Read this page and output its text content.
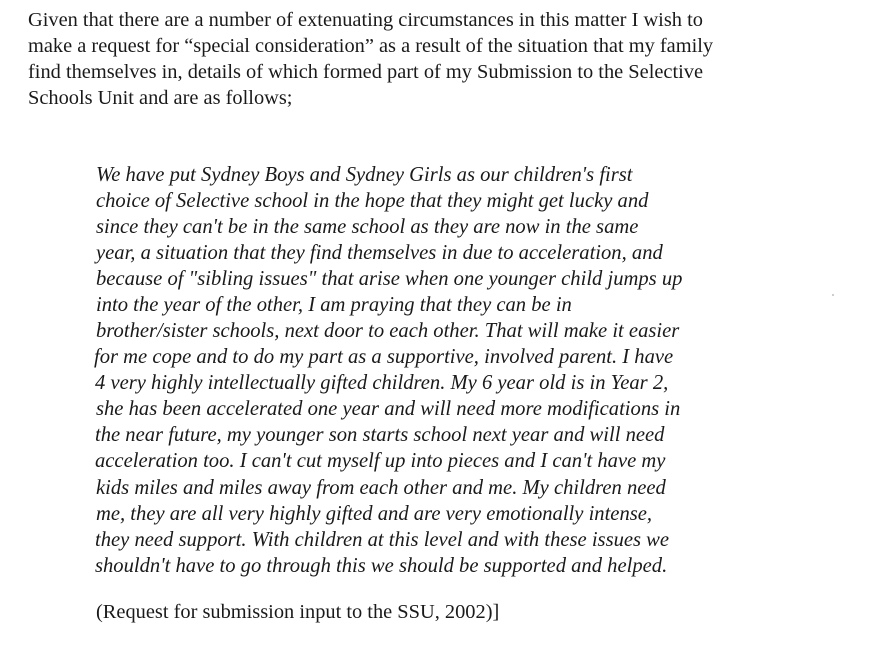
Given that there are a number of extenuating circumstances in this matter I wish to

make a request for “special consideration” as a result of the situation that my family

find themselves in, details of which formed part of my Submission to the Selective

Schools Unit and are as follows;

We have put Sydney Boys and Sydney Girls as our children's first

choice of Selective school in the hope that they might get lucky and

since they can't be in the same school as they are now in the same

year, a situation that they find themselves in due to acceleration, and

because of "sibling issues" that arise when one younger child jumps up

into the year of the other, I am praying that they can be in

brother/sister schools, next door to each other. That will make it easier

for me cope and to do my part as a supportive, involved parent. I have

4 very highly intellectually gifted children. My 6 year old is in Year 2,

she has been accelerated one year and will need more modifications in

the near future, my younger son starts school next year and will need

acceleration too. I can't cut myself up into pieces and I can't have my

kids miles and miles away from each other and me. My children need

me, they are all very highly gifted and are very emotionally intense,

they need support. With children at this level and with these issues we

shouldn't have to go through this we should be supported and helped.

(Request for submission input to the SSU, 2002)]
